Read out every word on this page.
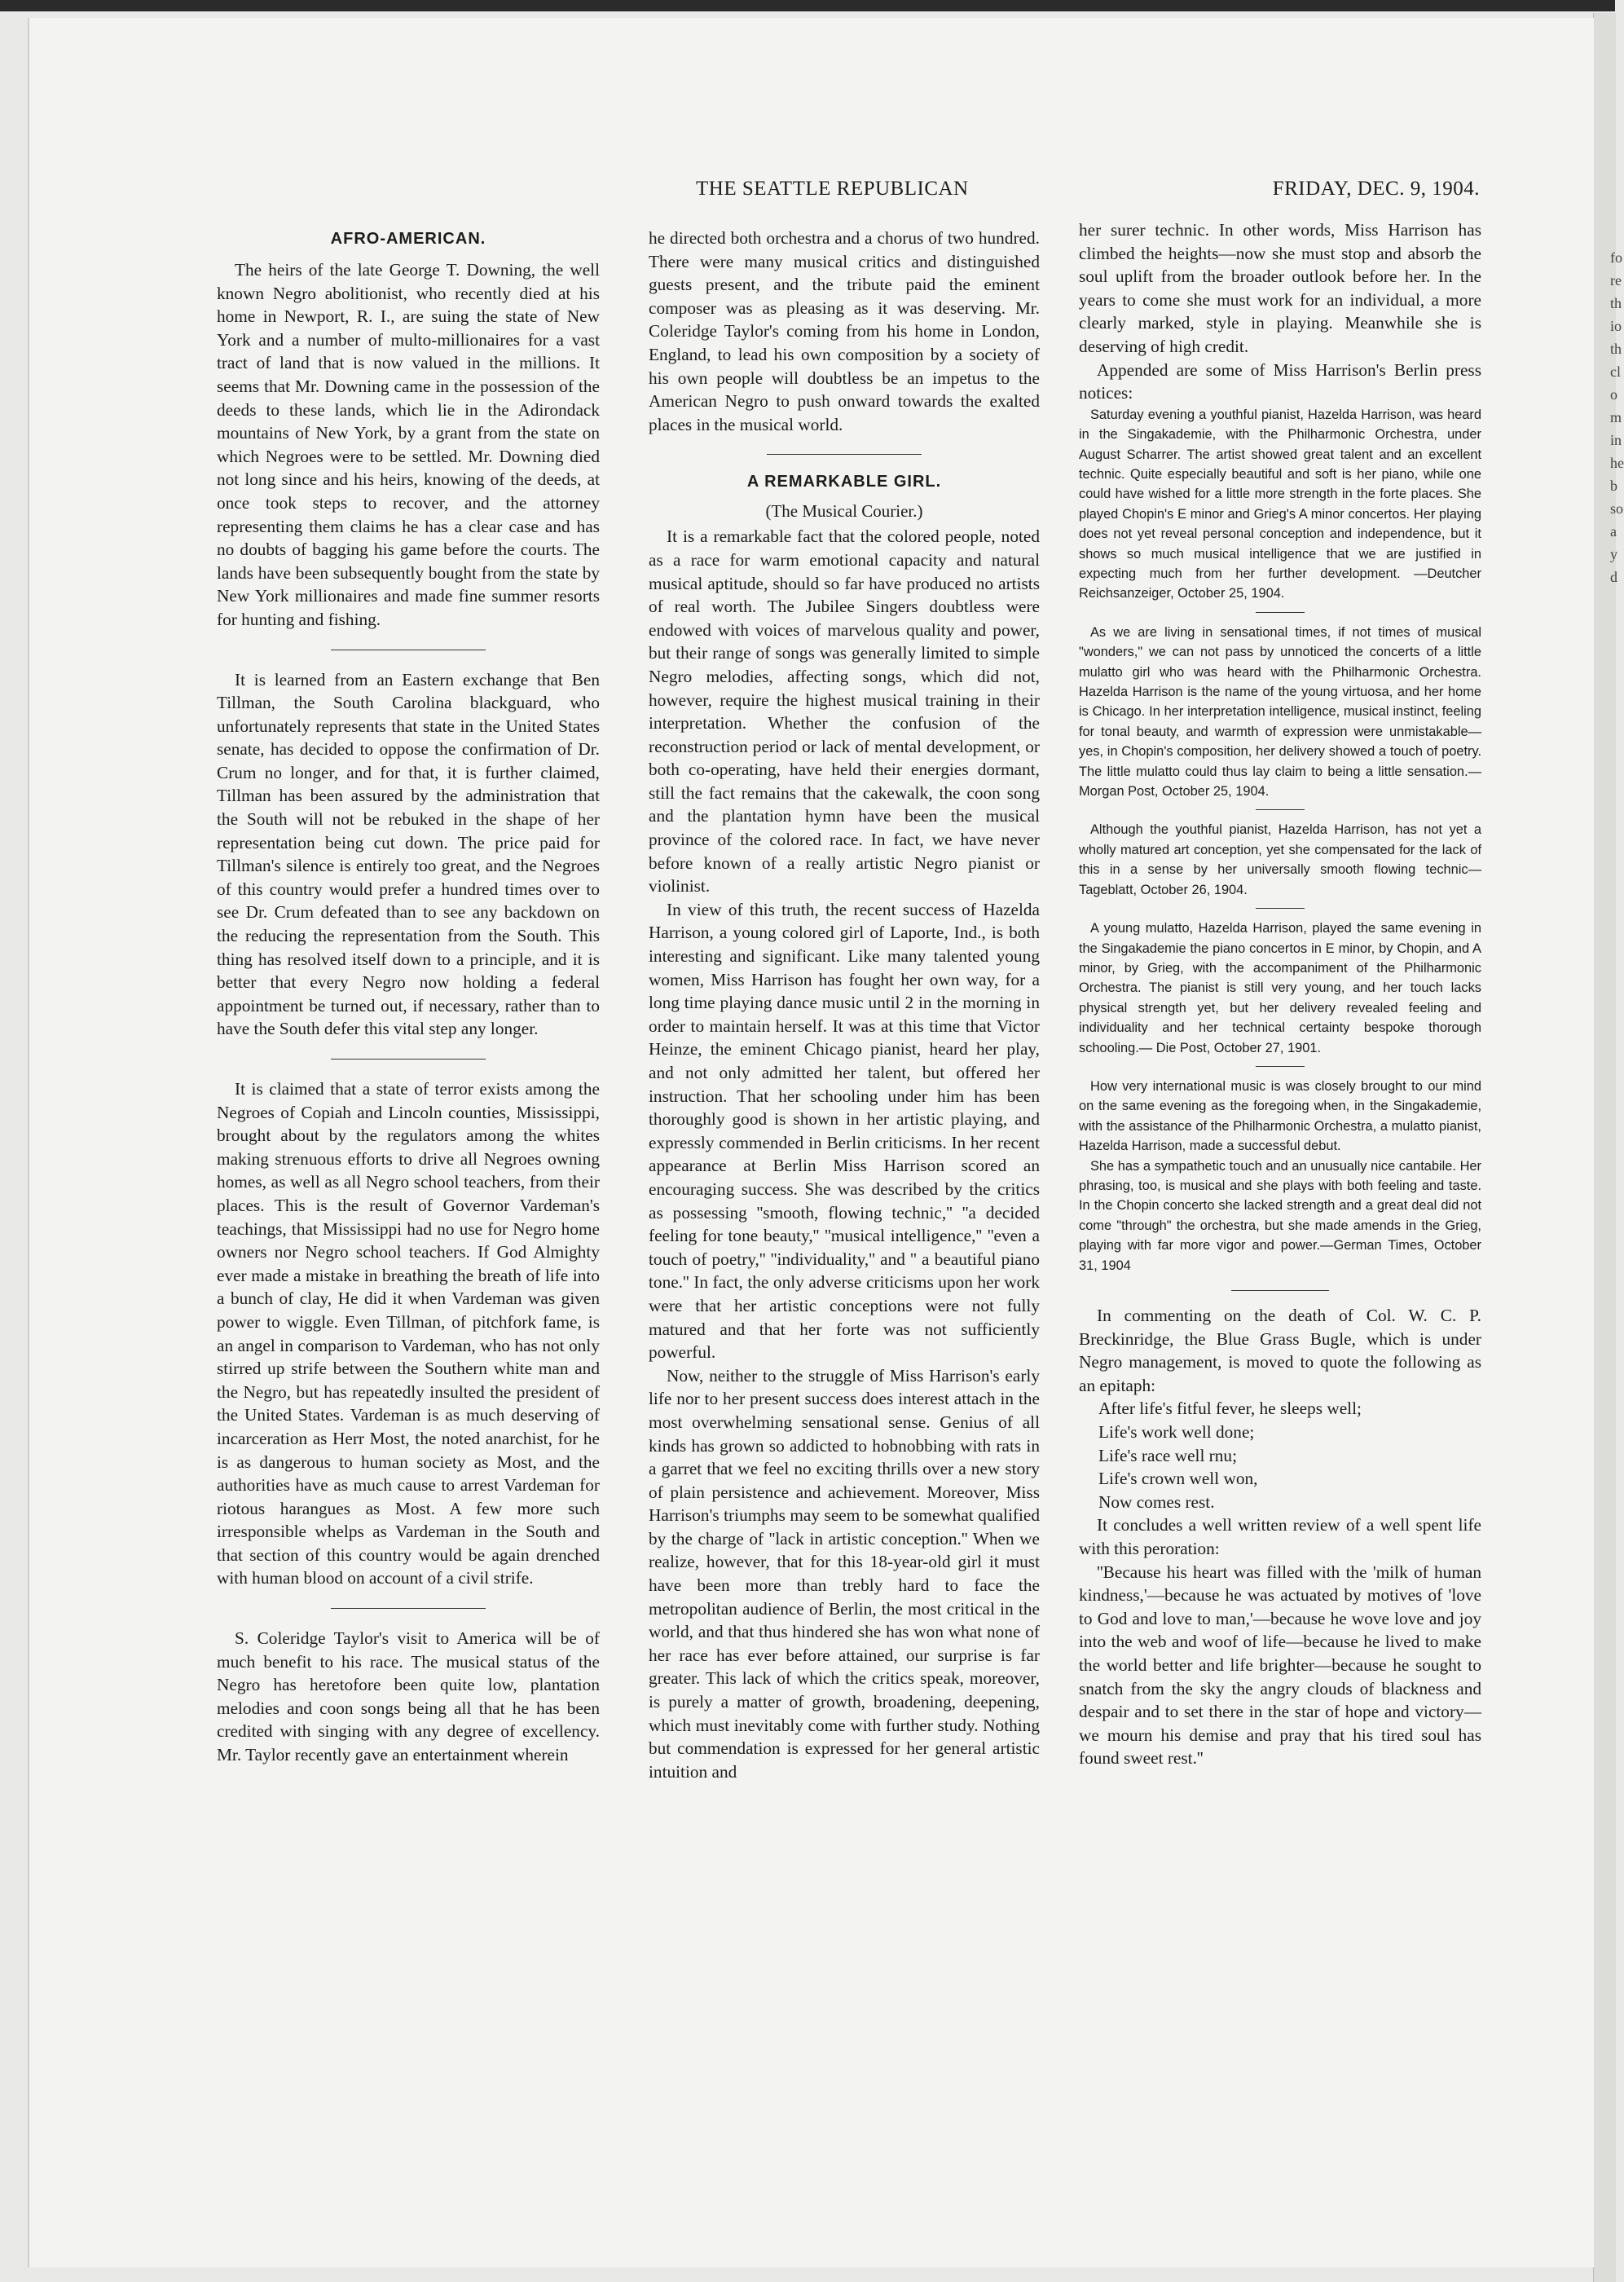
THE SEATTLE REPUBLICAN	FRIDAY, DEC. 9, 1904.
AFRO-AMERICAN.

The heirs of the late George T. Downing, the well known Negro abolitionist, who recently died at his home in Newport, R. I., are suing the state of New York and a number of multo-millionaires for a vast tract of land that is now valued in the millions. It seems that Mr. Downing came in the possession of the deeds to these lands, which lie in the Adirondack mountains of New York, by a grant from the state on which Negroes were to be settled. Mr. Downing died not long since and his heirs, knowing of the deeds, at once took steps to recover, and the attorney representing them claims he has a clear case and has no doubts of bagging his game before the courts. The lands have been subsequently bought from the state by New York millionaires and made fine summer resorts for hunting and fishing.

It is learned from an Eastern exchange that Ben Tillman, the South Carolina blackguard, who unfortunately represents that state in the United States senate, has decided to oppose the confirmation of Dr. Crum no longer, and for that, it is further claimed, Tillman has been assured by the administration that the South will not be rebuked in the shape of her representation being cut down. The price paid for Tillman's silence is entirely too great, and the Negroes of this country would prefer a hundred times over to see Dr. Crum defeated than to see any backdown on the reducing the representation from the South. This thing has resolved itself down to a principle, and it is better that every Negro now holding a federal appointment be turned out, if necessary, rather than to have the South defer this vital step any longer.

It is claimed that a state of terror exists among the Negroes of Copiah and Lincoln counties, Mississippi, brought about by the regulators among the whites making strenuous efforts to drive all Negroes owning homes, as well as all Negro school teachers, from their places. This is the result of Governor Vardeman's teachings, that Mississippi had no use for Negro home owners nor Negro school teachers. If God Almighty ever made a mistake in breathing the breath of life into a bunch of clay, He did it when Vardeman was given power to wiggle. Even Tillman, of pitchfork fame, is an angel in comparison to Vardeman, who has not only stirred up strife between the Southern white man and the Negro, but has repeatedly insulted the president of the United States. Vardeman is as much deserving of incarceration as Herr Most, the noted anarchist, for he is as dangerous to human society as Most, and the authorities have as much cause to arrest Vardeman for riotous harangues as Most. A few more such irresponsible whelps as Vardeman in the South and that section of this country would be again drenched with human blood on account of a civil strife.

S. Coleridge Taylor's visit to America will be of much benefit to his race. The musical status of the Negro has heretofore been quite low, plantation melodies and coon songs being all that he has been credited with singing with any degree of excellency. Mr. Taylor recently gave an entertainment wherein

he directed both orchestra and a chorus of two hundred. There were many musical critics and distinguished guests present, and the tribute paid the eminent composer was as pleasing as it was deserving. Mr. Coleridge Taylor's coming from his home in London, England, to lead his own composition by a society of his own people will doubtless be an impetus to the American Negro to push onward towards the exalted places in the musical world.

A REMARKABLE GIRL.
(The Musical Courier.)

It is a remarkable fact that the colored people, noted as a race for warm emotional capacity and natural musical aptitude, should so far have produced no artists of real worth. The Jubilee Singers doubtless were endowed with voices of marvelous quality and power, but their range of songs was generally limited to simple Negro melodies, affecting songs, which did not, however, require the highest musical training in their interpretation. Whether the confusion of the reconstruction period or lack of mental development, or both co-operating, have held their energies dormant, still the fact remains that the cakewalk, the coon song and the plantation hymn have been the musical province of the colored race. In fact, we have never before known of a really artistic Negro pianist or violinist.

In view of this truth, the recent success of Hazelda Harrison, a young colored girl of Laporte, Ind., is both interesting and significant. Like many talented young women, Miss Harrison has fought her own way, for a long time playing dance music until 2 in the morning in order to maintain herself. It was at this time that Victor Heinze, the eminent Chicago pianist, heard her play, and not only admitted her talent, but offered her instruction. That her schooling under him has been thoroughly good is shown in her artistic playing, and expressly commended in Berlin criticisms. In her recent appearance at Berlin Miss Harrison scored an encouraging success. She was described by the critics as possessing ''smooth, flowing technic,'' ''a decided feeling for tone beauty,'' ''musical intelligence,'' ''even a touch of poetry,'' ''individuality,'' and '' a beautiful piano tone.'' In fact, the only adverse criticisms upon her work were that her artistic conceptions were not fully matured and that her forte was not sufficiently powerful.

Now, neither to the struggle of Miss Harrison's early life nor to her present success does interest attach in the most overwhelming sensational sense. Genius of all kinds has grown so addicted to hobnobbing with rats in a garret that we feel no exciting thrills over a new story of plain persistence and achievement. Moreover, Miss Harrison's triumphs may seem to be somewhat qualified by the charge of ''lack in artistic conception.'' When we realize, however, that for this 18-year-old girl it must have been more than trebly hard to face the metropolitan audience of Berlin, the most critical in the world, and that thus hindered she has won what none of her race has ever before attained, our surprise is far greater. This lack of which the critics speak, moreover, is purely a matter of growth, broadening, deepening, which must inevitably come with further study. Nothing but commendation is expressed for her general artistic intuition and

her surer technic. In other words, Miss Harrison has climbed the heights—now she must stop and absorb the soul uplift from the broader outlook before her. In the years to come she must work for an individual, a more clearly marked, style in playing. Meanwhile she is deserving of high credit.

Appended are some of Miss Harrison's Berlin press notices:

Saturday evening a youthful pianist, Hazelda Harrison, was heard in the Singakademie, with the Philharmonic Orchestra, under August Scharrer. The artist showed great talent and an excellent technic. Quite especially beautiful and soft is her piano, while one could have wished for a little more strength in the forte places. She played Chopin's E minor and Grieg's A minor concertos. Her playing does not yet reveal personal conception and independence, but it shows so much musical intelligence that we are justified in expecting much from her further development. —Deutcher Reichsanzeiger, October 25, 1904.

As we are living in sensational times, if not times of musical "wonders," we can not pass by unnoticed the concerts of a little mulatto girl who was heard with the Philharmonic Orchestra. Hazelda Harrison is the name of the young virtuosa, and her home is Chicago. In her interpretation intelligence, musical instinct, feeling for tonal beauty, and warmth of expression were unmistakable—yes, in Chopin's composition, her delivery showed a touch of poetry. The little mulatto could thus lay claim to being a little sensation.—Morgan Post, October 25, 1904.

Although the youthful pianist, Hazelda Harrison, has not yet a wholly matured art conception, yet she compensated for the lack of this in a sense by her universally smooth flowing technic—Tageblatt, October 26, 1904.

A young mulatto, Hazelda Harrison, played the same evening in the Singakademie the piano concertos in E minor, by Chopin, and A minor, by Grieg, with the accompaniment of the Philharmonic Orchestra. The pianist is still very young, and her touch lacks physical strength yet, but her delivery revealed feeling and individuality and her technical certainty bespoke thorough schooling.— Die Post, October 27, 1901.

How very international music is was closely brought to our mind on the same evening as the foregoing when, in the Singakademie, with the assistance of the Philharmonic Orchestra, a mulatto pianist, Hazelda Harrison, made a successful debut.

She has a sympathetic touch and an unusually nice cantabile. Her phrasing, too, is musical and she plays with both feeling and taste. In the Chopin concerto she lacked strength and a great deal did not come "through" the orchestra, but she made amends in the Grieg, playing with far more vigor and power.—German Times, October 31, 1904

In commenting on the death of Col. W. C. P. Breckinridge, the Blue Grass Bugle, which is under Negro management, is moved to quote the following as an epitaph:

After life's fitful fever, he sleeps well;
Life's work well done;
Life's race well rnu;
Life's crown well won,
Now comes rest.

It concludes a well written review of a well spent life with this peroration:

''Because his heart was filled with the 'milk of human kindness,'—because he was actuated by motives of 'love to God and love to man,'—because he wove love and joy into the web and woof of life—because he lived to make the world better and life brighter—because he sought to snatch from the sky the angry clouds of blackness and despair and to set there in the star of hope and victory—we mourn his demise and pray that his tired soul has found sweet rest.''

fo
re
th
io
th
cl
o
m
in
he
b
so
a
y
d
